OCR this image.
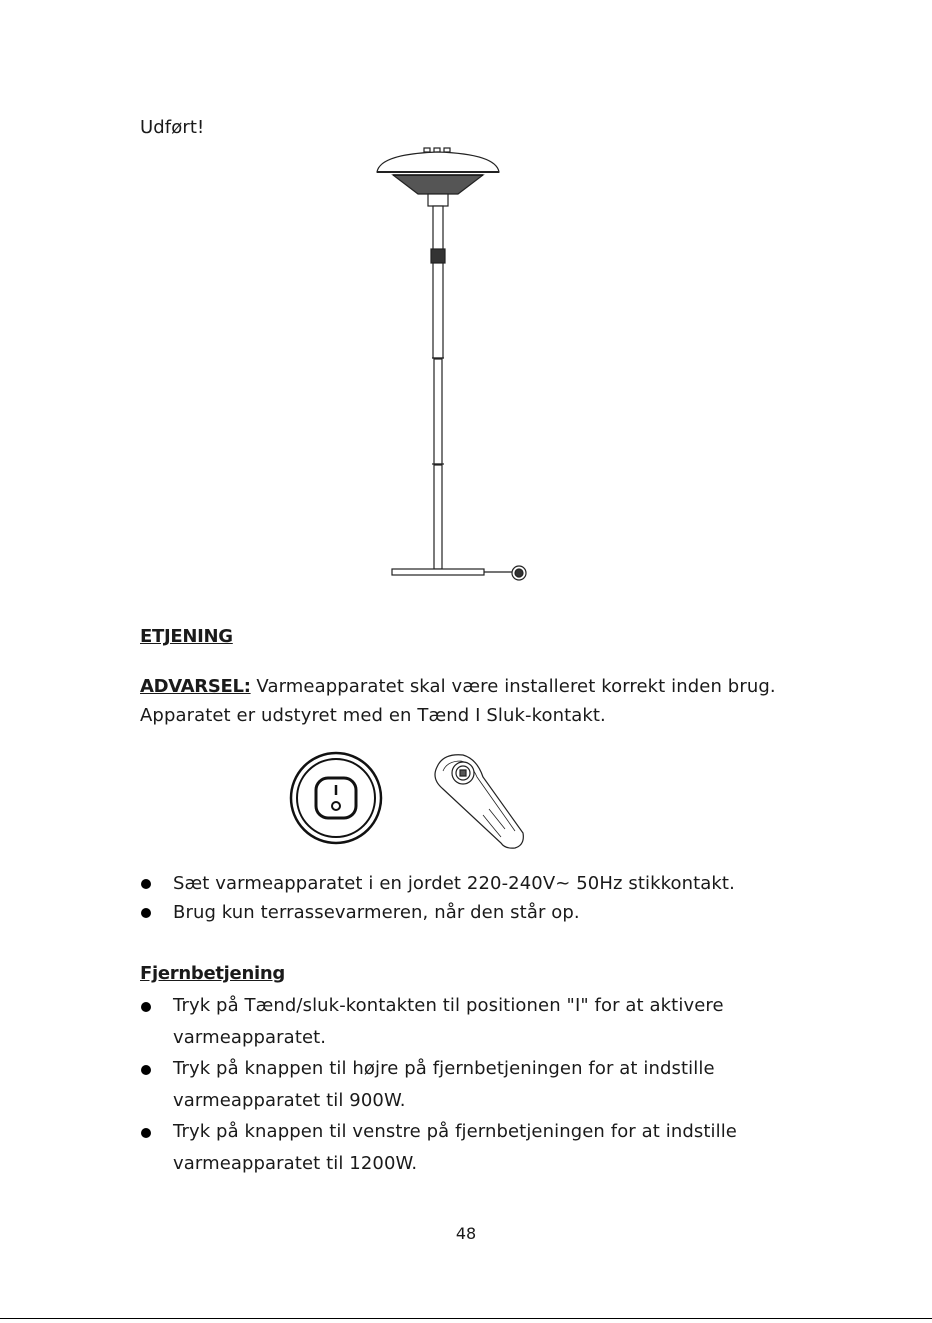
Udført!
ETJENING
ADVARSEL: Varmeapparatet skal være installeret korrekt inden brug.
Apparatet er udstyret med en Tænd I Sluk-kontakt.
Sæt varmeapparatet i en jordet 220-240V~ 50Hz stikkontakt.
Brug kun terrassevarmeren, når den står op.
Fjernbetjening
Tryk på Tænd/sluk-kontakten til positionen "I" for at aktivere
varmeapparatet.
Tryk på knappen til højre på fjernbetjeningen for at indstille
varmeapparatet til 900W.
Tryk på knappen til venstre på fjernbetjeningen for at indstille
varmeapparatet til 1200W.
48
